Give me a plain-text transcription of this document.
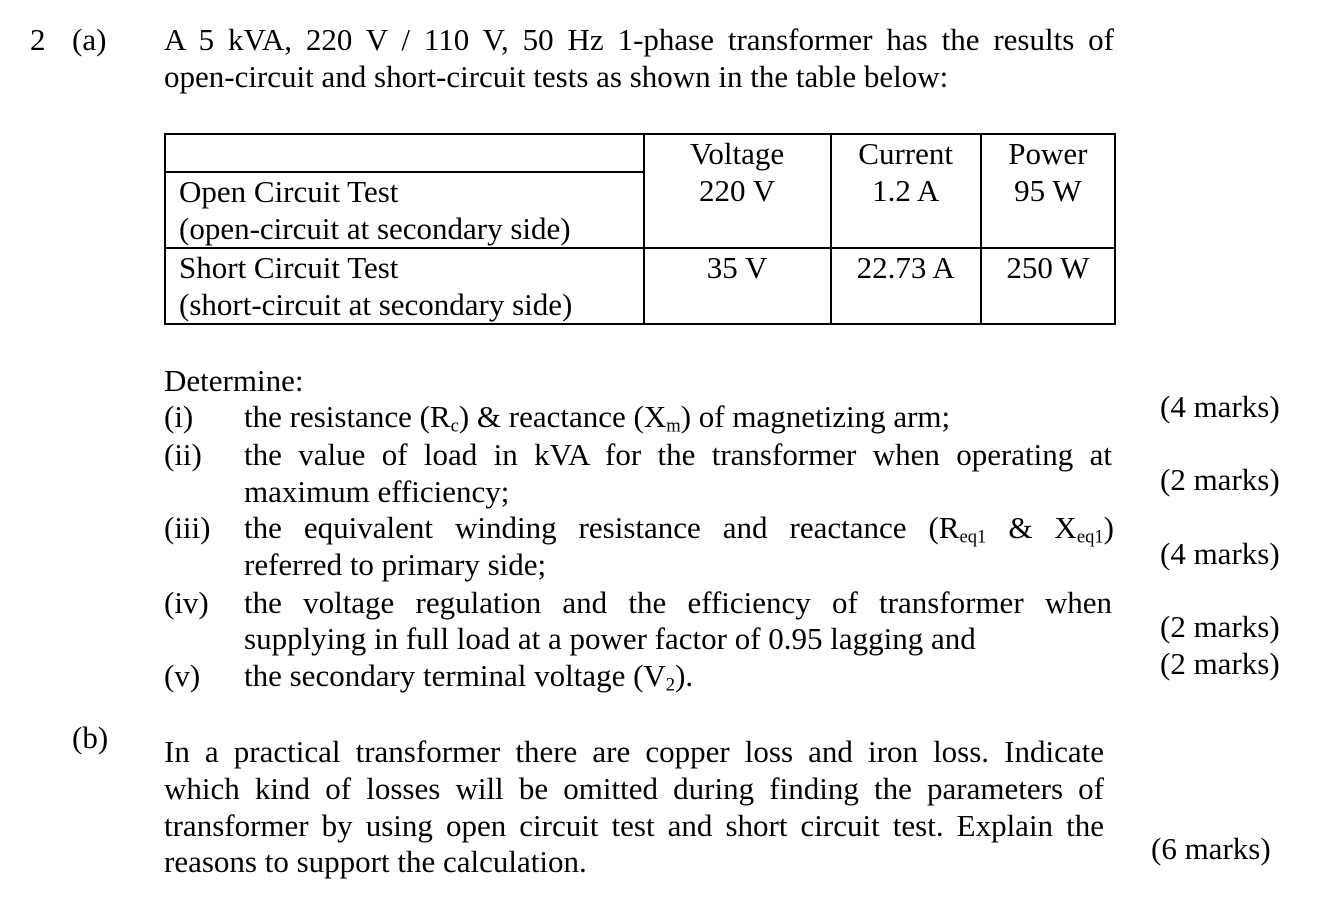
2 (a) A 5 kVA, 220 V / 110 V, 50 Hz 1-phase transformer has the results of
open-circuit and short-circuit tests as shown in the table below:
	Voltage	Current	Power

Open Circuit Test
(open-circuit at secondary side)	220 V	1.2 A	95 W

Short Circuit Test
(short-circuit at secondary side)	35 V	22.73 A	250 W
Determine:
(i) the resistance $(R_c)$ & reactance $(X_m)$ of magnetizing arm;	(4 marks)
(ii) the value of load in kVA for the transformer when operating at
maximum efficiency;	(2 marks)
(iii) the equivalent winding resistance and reactance ($R_{eq1}$ & $X_{eq1}$)
referred to primary side;	(4 marks)
(iv) the voltage regulation and the efficiency of transformer when
supplying in full load at a power factor of 0.95 lagging and	(2 marks)
(v) the secondary terminal voltage $(V_2)$.	(2 marks)
(b) In a practical transformer there are copper loss and iron loss. Indicate
which kind of losses will be omitted during finding the parameters of
transformer by using open circuit test and short circuit test. Explain the
reasons to support the calculation.	(6 marks)
